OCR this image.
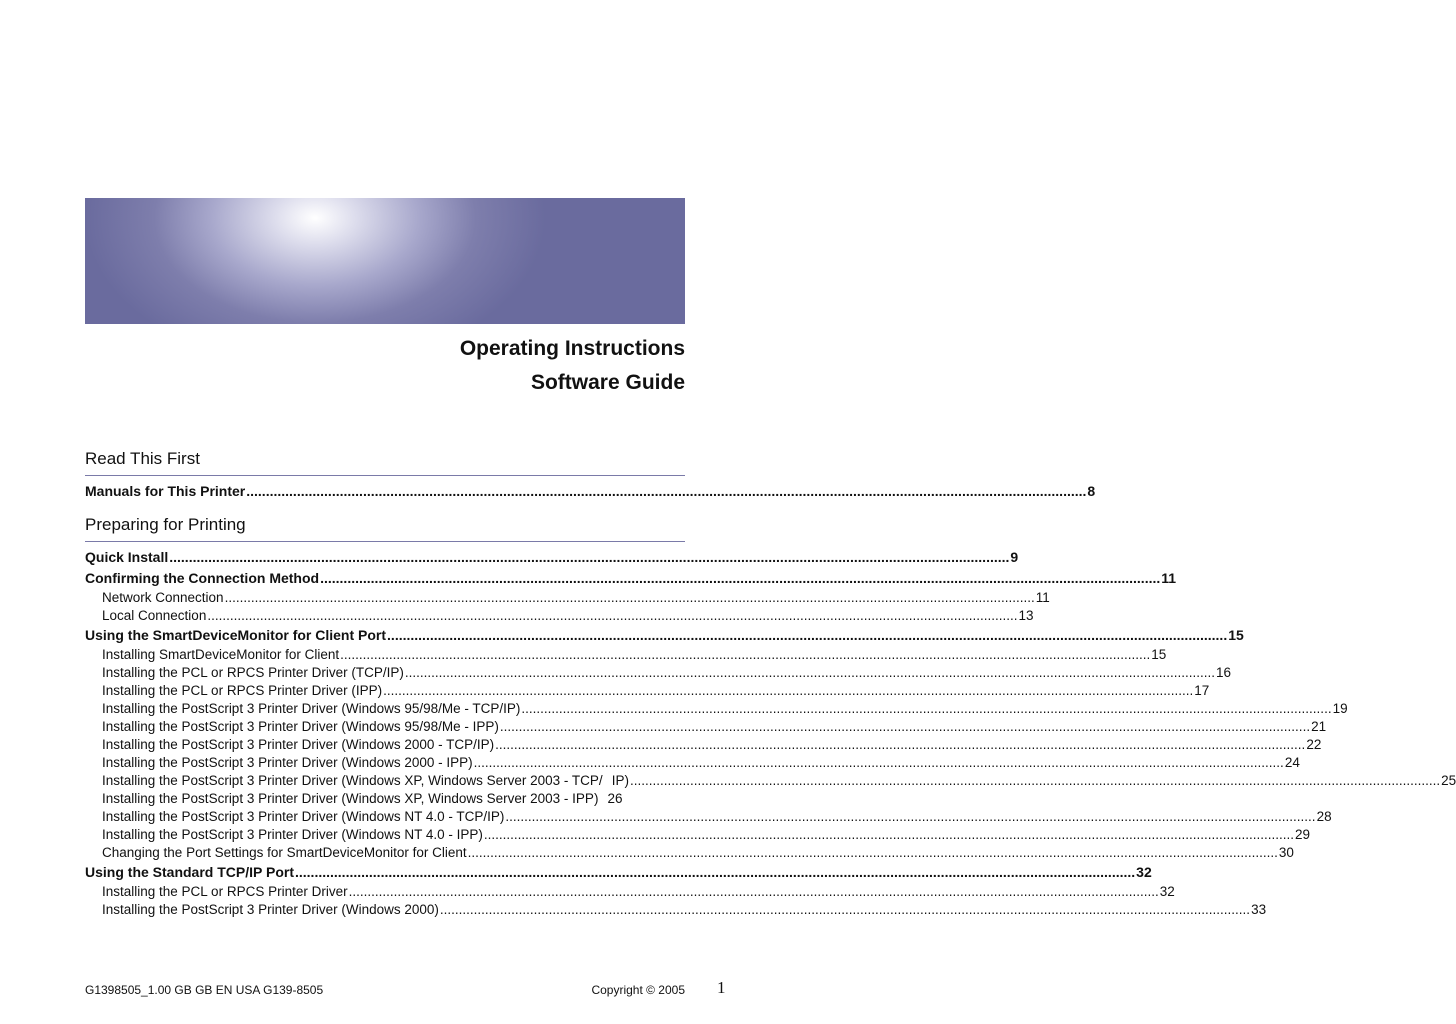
Operating Instructions
Software Guide
Read This First
Manuals for This Printer .....	8
Preparing for Printing
Quick Install .....	9
Confirming the Connection Method .....	11
Network Connection .....	11
Local Connection .....	13
Using the SmartDeviceMonitor for Client Port .....	15
Installing SmartDeviceMonitor for Client .....	15
Installing the PCL or RPCS Printer Driver (TCP/IP) .....	16
Installing the PCL or RPCS Printer Driver (IPP) .....	17
Installing the PostScript 3 Printer Driver (Windows 95/98/Me - TCP/IP) .....	19
Installing the PostScript 3 Printer Driver (Windows 95/98/Me - IPP) .....	21
Installing the PostScript 3 Printer Driver (Windows 2000 - TCP/IP) .....	22
Installing the PostScript 3 Printer Driver (Windows 2000 - IPP) .....	24
Installing the PostScript 3 Printer Driver (Windows XP, Windows Server 2003 - TCP/ IP) .....	25
Installing the PostScript 3 Printer Driver (Windows XP, Windows Server 2003 - IPP) 26
Installing the PostScript 3 Printer Driver (Windows NT 4.0 - TCP/IP) .....	28
Installing the PostScript 3 Printer Driver (Windows NT 4.0 - IPP) .....	29
Changing the Port Settings for SmartDeviceMonitor for Client .....	30
Using the Standard TCP/IP Port .....	32
Installing the PCL or RPCS Printer Driver .....	32
Installing the PostScript 3 Printer Driver (Windows 2000) .....	33
G1398505_1.00 GB GB EN USA G139-8505	Copyright © 2005 1
